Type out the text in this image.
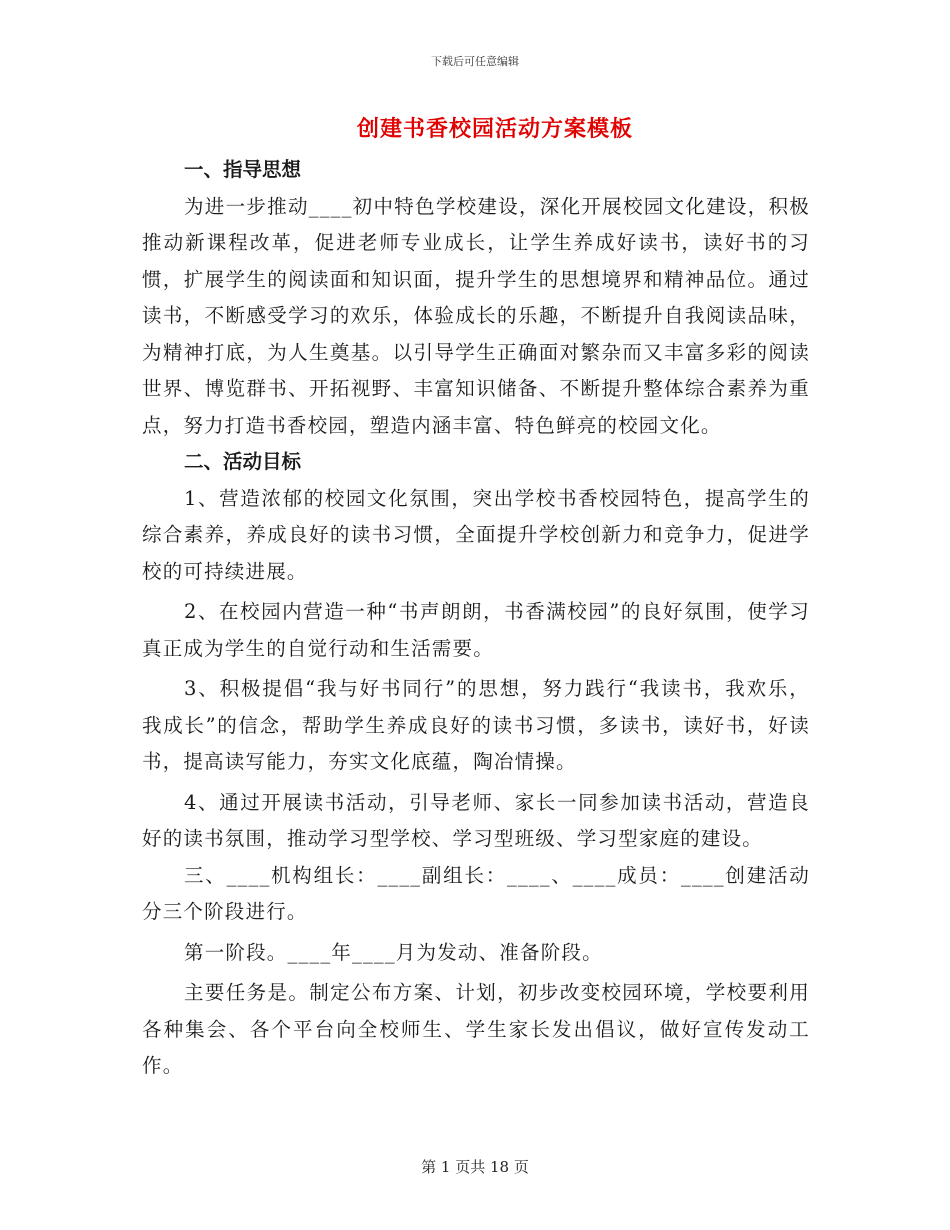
下载后可任意编辑
创建书香校园活动方案模板
一、指导思想

为进一步推动____初中特色学校建设，深化开展校园文化建设，积极推动新课程改革，促进老师专业成长，让学生养成好读书，读好书的习惯，扩展学生的阅读面和知识面，提升学生的思想境界和精神品位。通过读书，不断感受学习的欢乐，体验成长的乐趣，不断提升自我阅读品味，为精神打底，为人生奠基。以引导学生正确面对繁杂而又丰富多彩的阅读世界、博览群书、开拓视野、丰富知识储备、不断提升整体综合素养为重点，努力打造书香校园，塑造内涵丰富、特色鲜亮的校园文化。

二、活动目标

1、营造浓郁的校园文化氛围，突出学校书香校园特色，提高学生的综合素养，养成良好的读书习惯，全面提升学校创新力和竞争力，促进学校的可持续进展。

2、在校园内营造一种“书声朗朗，书香满校园”的良好氛围，使学习真正成为学生的自觉行动和生活需要。

3、积极提倡“我与好书同行”的思想，努力践行“我读书，我欢乐，我成长”的信念，帮助学生养成良好的读书习惯，多读书，读好书，好读书，提高读写能力，夯实文化底蕴，陶冶情操。

4、通过开展读书活动，引导老师、家长一同参加读书活动，营造良好的读书氛围，推动学习型学校、学习型班级、学习型家庭的建设。

三、____机构组长：____副组长：____、____成员：____创建活动分三个阶段进行。

第一阶段。____年____月为发动、准备阶段。

主要任务是。制定公布方案、计划，初步改变校园环境，学校要利用各种集会、各个平台向全校师生、学生家长发出倡议，做好宣传发动工作。

第 1 页共 18 页
